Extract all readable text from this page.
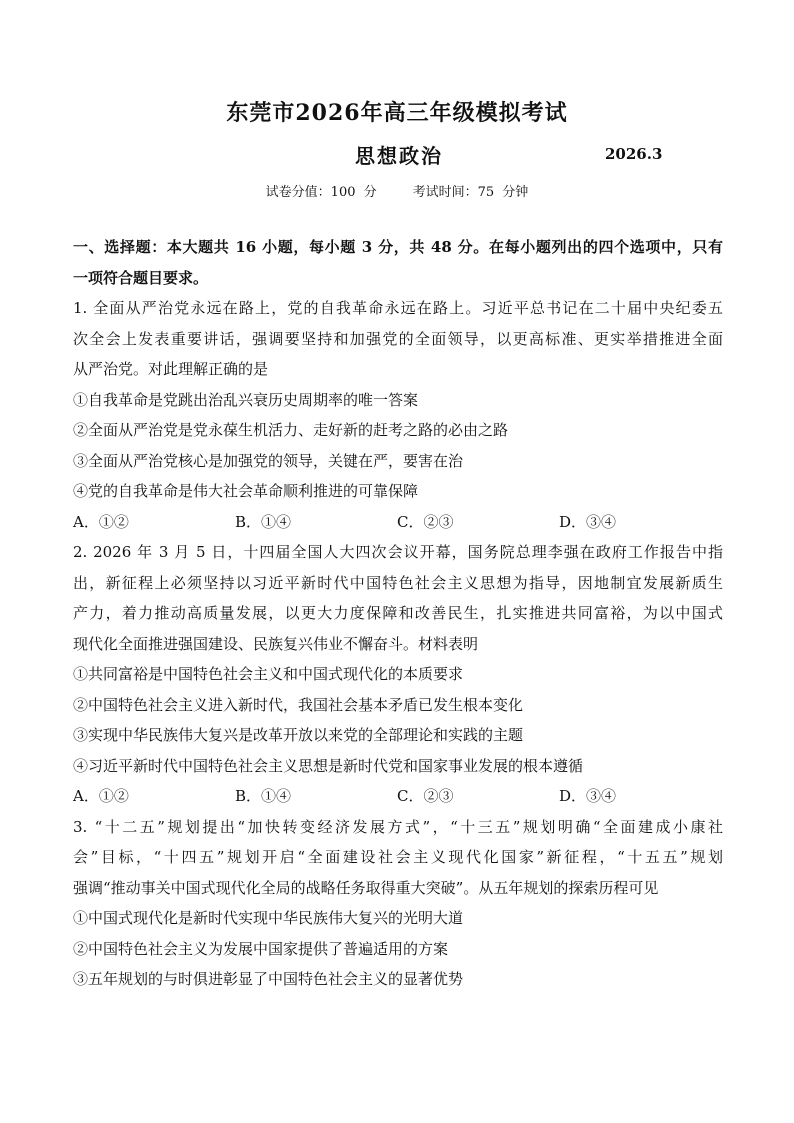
东莞市2026年高三年级模拟考试
思想政治	2026.3
试卷分值：100 分	考试时间：75 分钟
一、选择题：本大题共 16 小题，每小题 3 分，共 48 分。在每小题列出的四个选项中，只有
一项符合题目要求。
1. 全面从严治党永远在路上，党的自我革命永远在路上。习近平总书记在二十届中央纪委五
次全会上发表重要讲话，强调要坚持和加强党的全面领导，以更高标准、更实举措推进全面
从严治党。对此理解正确的是
①自我革命是党跳出治乱兴衰历史周期率的唯一答案
②全面从严治党是党永葆生机活力、走好新的赶考之路的必由之路
③全面从严治党核心是加强党的领导，关键在严，要害在治
④党的自我革命是伟大社会革命顺利推进的可靠保障
A．①②	B．①④	C．②③	D．③④
2. 2026 年 3 月 5 日，十四届全国人大四次会议开幕，国务院总理李强在政府工作报告中指
出，新征程上必须坚持以习近平新时代中国特色社会主义思想为指导，因地制宜发展新质生
产力，着力推动高质量发展，以更大力度保障和改善民生，扎实推进共同富裕，为以中国式
现代化全面推进强国建设、民族复兴伟业不懈奋斗。材料表明
①共同富裕是中国特色社会主义和中国式现代化的本质要求
②中国特色社会主义进入新时代，我国社会基本矛盾已发生根本变化
③实现中华民族伟大复兴是改革开放以来党的全部理论和实践的主题
④习近平新时代中国特色社会主义思想是新时代党和国家事业发展的根本遵循
A．①②	B．①④	C．②③	D．③④
3. “十二五”规划提出“加快转变经济发展方式”，“十三五”规划明确“全面建成小康社
会”目标，“十四五”规划开启“全面建设社会主义现代化国家”新征程，“十五五”规划
强调“推动事关中国式现代化全局的战略任务取得重大突破”。从五年规划的探索历程可见
①中国式现代化是新时代实现中华民族伟大复兴的光明大道
②中国特色社会主义为发展中国家提供了普遍适用的方案
③五年规划的与时俱进彰显了中国特色社会主义的显著优势
